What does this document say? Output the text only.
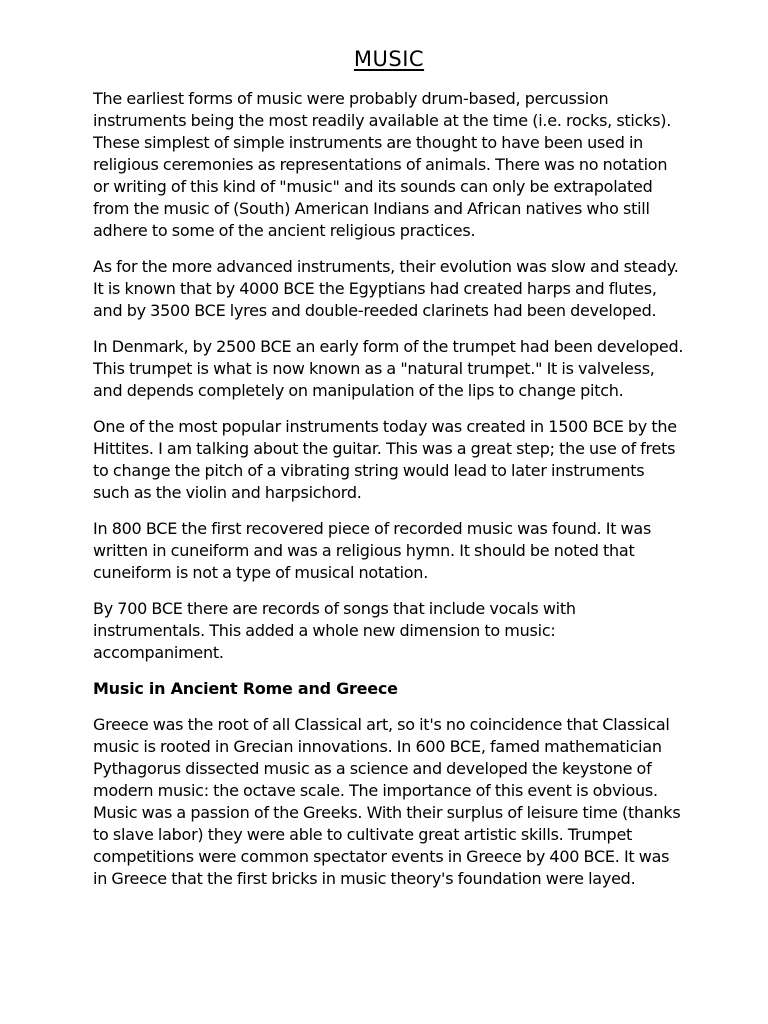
MUSIC

The earliest forms of music were probably drum-based, percussion instruments being the most readily available at the time (i.e. rocks, sticks). These simplest of simple instruments are thought to have been used in religious ceremonies as representations of animals. There was no notation or writing of this kind of "music" and its sounds can only be extrapolated from the music of (South) American Indians and African natives who still adhere to some of the ancient religious practices.

As for the more advanced instruments, their evolution was slow and steady. It is known that by 4000 BCE the Egyptians had created harps and flutes, and by 3500 BCE lyres and double-reeded clarinets had been developed.

In Denmark, by 2500 BCE an early form of the trumpet had been developed. This trumpet is what is now known as a "natural trumpet." It is valveless, and depends completely on manipulation of the lips to change pitch.

One of the most popular instruments today was created in 1500 BCE by the Hittites. I am talking about the guitar. This was a great step; the use of frets to change the pitch of a vibrating string would lead to later instruments such as the violin and harpsichord.

In 800 BCE the first recovered piece of recorded music was found. It was written in cuneiform and was a religious hymn. It should be noted that cuneiform is not a type of musical notation.

By 700 BCE there are records of songs that include vocals with instrumentals. This added a whole new dimension to music: accompaniment.

Music in Ancient Rome and Greece

Greece was the root of all Classical art, so it's no coincidence that Classical music is rooted in Grecian innovations. In 600 BCE, famed mathematician Pythagorus dissected music as a science and developed the keystone of modern music: the octave scale. The importance of this event is obvious. Music was a passion of the Greeks. With their surplus of leisure time (thanks to slave labor) they were able to cultivate great artistic skills. Trumpet competitions were common spectator events in Greece by 400 BCE. It was in Greece that the first bricks in music theory's foundation were layed.
